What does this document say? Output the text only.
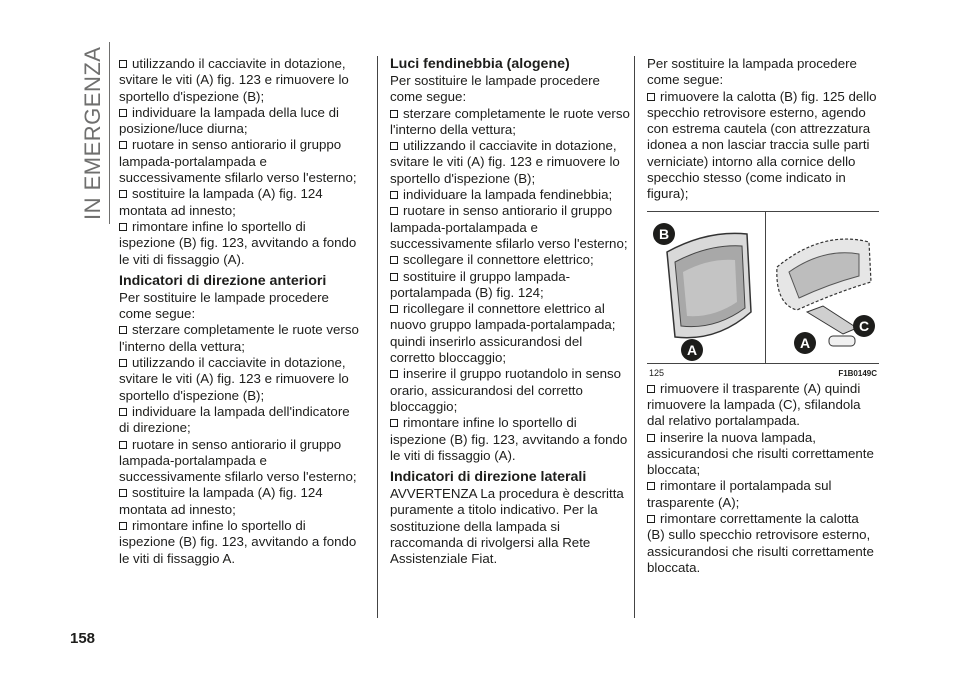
IN EMERGENZA	utilizzando il cacciavite in dotazione, svitare le viti (A) fig. 123 e rimuovere lo sportello d'ispezione (B);
individuare la lampada della luce di posizione/luce diurna;
ruotare in senso antiorario il gruppo lampada-portalampada e successivamente sfilarlo verso l'esterno;
sostituire la lampada (A) fig. 124 montata ad innesto;
rimontare infine lo sportello di ispezione (B) fig. 123, avvitando a fondo le viti di fissaggio (A).
Indicatori di direzione anteriori
Per sostituire le lampade procedere come segue:
sterzare completamente le ruote verso l'interno della vettura;
utilizzando il cacciavite in dotazione, svitare le viti (A) fig. 123 e rimuovere lo sportello d'ispezione (B);
individuare la lampada dell'indicatore di direzione;
ruotare in senso antiorario il gruppo lampada-portalampada e successivamente sfilarlo verso l'esterno;
sostituire la lampada (A) fig. 124 montata ad innesto;
rimontare infine lo sportello di ispezione (B) fig. 123, avvitando a fondo le viti di fissaggio A.
Luci fendinebbia (alogene)
Per sostituire le lampade procedere come segue:
sterzare completamente le ruote verso l'interno della vettura;
utilizzando il cacciavite in dotazione, svitare le viti (A) fig. 123 e rimuovere lo sportello d'ispezione (B);
individuare la lampada fendinebbia;
ruotare in senso antiorario il gruppo lampada-portalampada e successivamente sfilarlo verso l'esterno;
scollegare il connettore elettrico;
sostituire il gruppo lampada-portalampada (B) fig. 124;
ricollegare il connettore elettrico al nuovo gruppo lampada-portalampada; quindi inserirlo assicurandosi del corretto bloccaggio;
inserire il gruppo ruotandolo in senso orario, assicurandosi del corretto bloccaggio;
rimontare infine lo sportello di ispezione (B) fig. 123, avvitando a fondo le viti di fissaggio (A).
Indicatori di direzione laterali
AVVERTENZA La procedura è descritta puramente a titolo indicativo. Per la sostituzione della lampada si raccomanda di rivolgersi alla Rete Assistenziale Fiat.
Per sostituire la lampada procedere come segue:
rimuovere la calotta (B) fig. 125 dello specchio retrovisore esterno, agendo con estrema cautela (con attrezzatura idonea a non lasciar traccia sulle parti verniciate) intorno alla cornice dello specchio stesso (come indicato in figura);
B
A	A
C
125	F1B0149C
rimuovere il trasparente (A) quindi rimuovere la lampada (C), sfilandola dal relativo portalampada.
inserire la nuova lampada, assicurandosi che risulti correttamente bloccata;
rimontare il portalampada sul trasparente (A);
rimontare correttamente la calotta (B) sullo specchio retrovisore esterno, assicurandosi che risulti correttamente bloccata.
158
